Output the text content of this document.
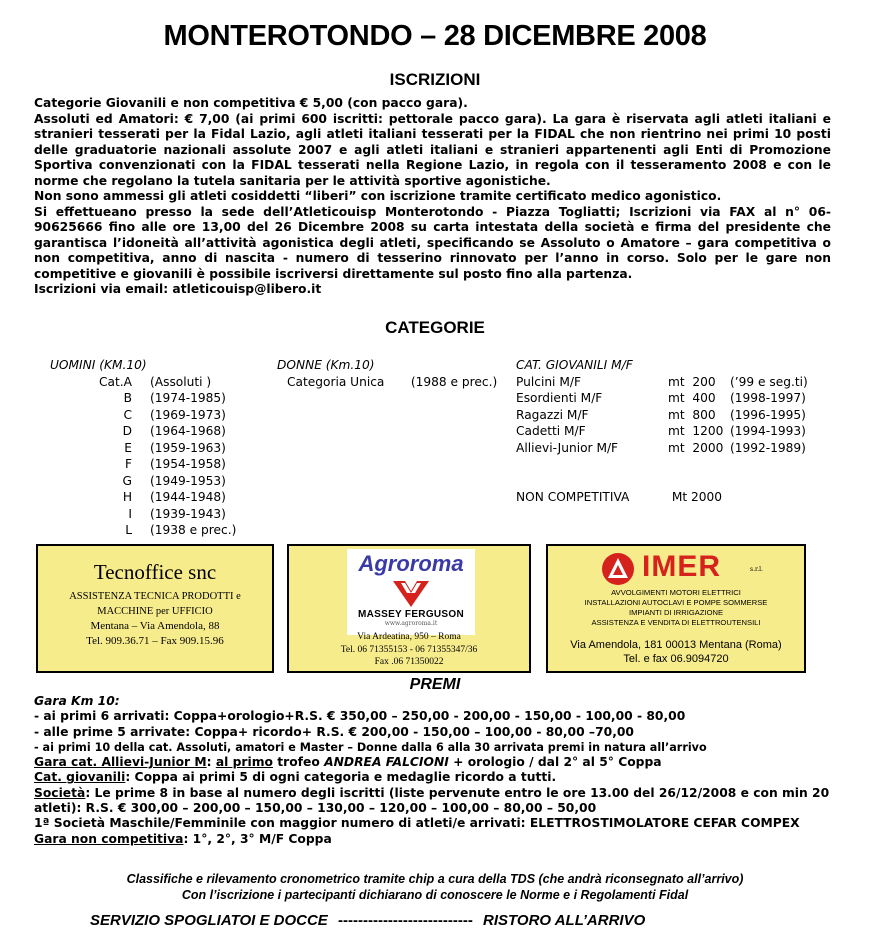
MONTEROTONDO – 28 DICEMBRE 2008
ISCRIZIONI

Categorie Giovanili e non competitiva € 5,00 (con pacco gara).

Assoluti ed Amatori: € 7,00 (ai primi 600 iscritti: pettorale pacco gara). La gara è riservata agli atleti italiani e stranieri tesserati per la Fidal Lazio, agli atleti italiani tesserati per la FIDAL che non rientrino nei primi 10 posti delle graduatorie nazionali assolute 2007 e agli atleti italiani e stranieri appartenenti agli Enti di Promozione Sportiva convenzionati con la FIDAL tesserati nella Regione Lazio, in regola con il tesseramento 2008 e con le norme che regolano la tutela sanitaria per le attività sportive agonistiche.

Non sono ammessi gli atleti cosiddetti “liberi” con iscrizione tramite certificato medico agonistico.

Si effettueano presso la sede dell’Atleticouisp Monterotondo - Piazza Togliatti; Iscrizioni via FAX al n° 06-90625666 fino alle ore 13,00 del 26 Dicembre 2008 su carta intestata della società e firma del presidente che garantisca l’idoneità all’attività agonistica degli atleti, specificando se Assoluto o Amatore – gara competitiva o non competitiva, anno di nascita - numero di tesserino rinnovato per l’anno in corso. Solo per le gare non competitive e giovanili è possibile iscriversi direttamente sul posto fino alla partenza.

Iscrizioni via email: atleticouisp@libero.it

CATEGORIE
UOMINI (KM.10)
Cat.A (Assoluti )
B (1974-1985)
C (1969-1973)
D (1964-1968)
E (1959-1963)
F (1954-1958)
G (1949-1953)
H (1944-1948)
I (1939-1943)
L (1938 e prec.)
DONNE (Km.10)
Categoria Unica (1988 e prec.)
CAT. GIOVANILI M/F
Pulcini M/F	mt  200 (’99 e seg.ti)
Esordienti M/F	mt  400 (1998-1997)
Ragazzi M/F	mt  800 (1996-1995)
Cadetti M/F	mt  1200 (1994-1993)
Allievi-Junior M/F	mt  2000 (1992-1989)
NON COMPETITIVA	Mt 2000
Tecnoffice snc
ASSISTENZA TECNICA PRODOTTI e
MACCHINE per UFFICIO
Mentana – Via Amendola, 88
Tel. 909.36.71 – Fax 909.15.96
Agroroma
MASSEY FERGUSON
www.agroroma.it
Via Ardeatina, 950 – Roma
Tel. 06 71355153 - 06 71355347/36
Fax .06 71350022
IMER	s.r.l.
AVVOLGIMENTI MOTORI ELETTRICI
INSTALLAZIONI AUTOCLAVI E POMPE SOMMERSE
IMPIANTI DI IRRIGAZIONE
ASSISTENZA E VENDITA DI ELETTROUTENSILI
Via Amendola, 181 00013 Mentana (Roma)
Tel. e fax 06.9094720
PREMI

Gara Km 10:

- ai primi 6 arrivati: Coppa+orologio+R.S. € 350,00 – 250,00 - 200,00 - 150,00 - 100,00 - 80,00

- alle prime 5 arrivate: Coppa+ ricordo+ R.S. € 200,00 - 150,00 – 100,00 - 80,00 –70,00

- ai primi 10 della cat. Assoluti, amatori e Master – Donne dalla 6 alla 30 arrivata premi in natura all’arrivo

Gara cat. Allievi-Junior M: al primo trofeo ANDREA FALCIONI + orologio / dal 2° al 5° Coppa

Cat. giovanili: Coppa ai primi 5 di ogni categoria e medaglie ricordo a tutti.

Società: Le prime 8 in base al numero degli iscritti (liste pervenute entro le ore 13.00 del 26/12/2008 e con min 20 atleti): R.S. € 300,00 – 200,00 – 150,00 – 130,00 – 120,00 – 100,00 – 80,00 – 50,00

1ª Società Maschile/Femminile con maggior numero di atleti/e arrivati: ELETTROSTIMOLATORE CEFAR COMPEX

Gara non competitiva: 1°, 2°, 3° M/F Coppa

Classifiche e rilevamento cronometrico tramite chip a cura della TDS (che andrà riconsegnato all’arrivo)
Con l’iscrizione i partecipanti dichiarano di conoscere le Norme e i Regolamenti Fidal
SERVIZIO SPOGLIATOI E DOCCE --------------------------- RISTORO ALL’ARRIVO
